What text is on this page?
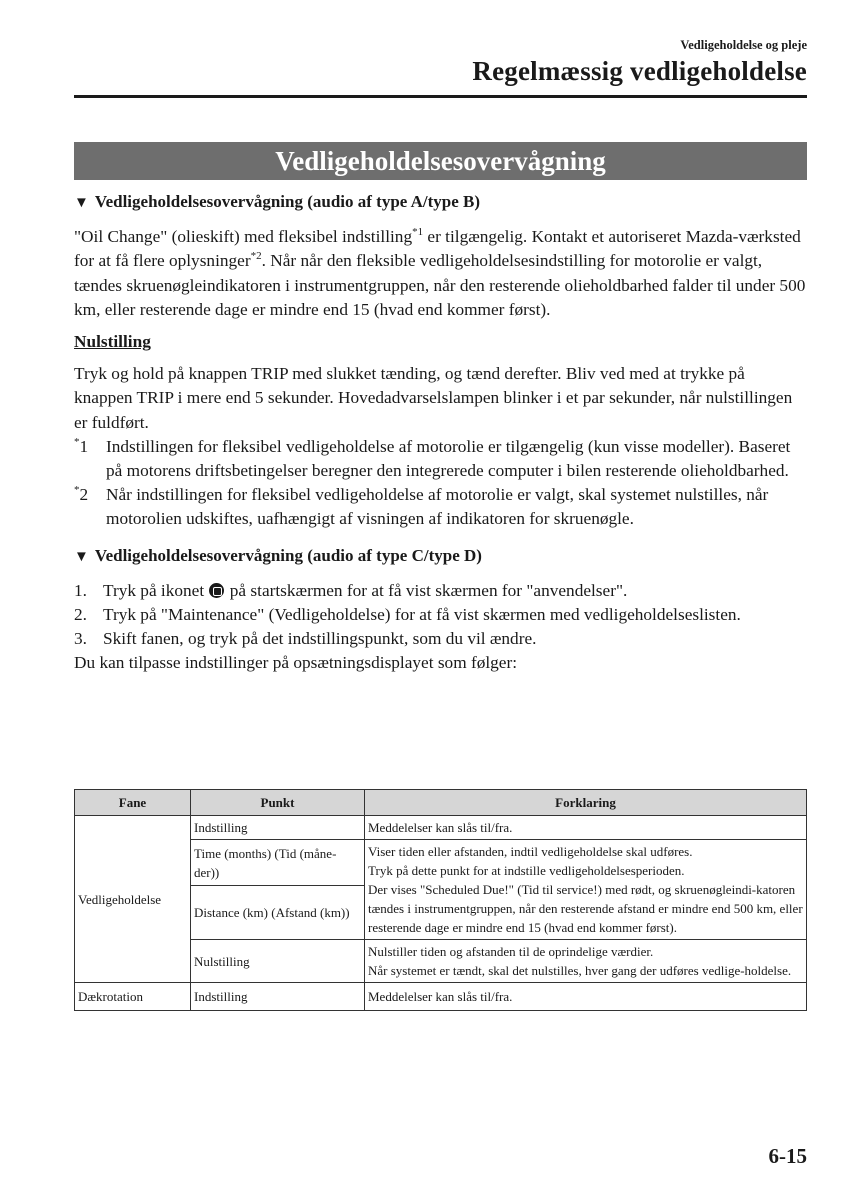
Vedligeholdelse og pleje
Regelmæssig vedligeholdelse
Vedligeholdelsesovervågning
▼ Vedligeholdelsesovervågning (audio af type A/type B)
"Oil Change" (olieskift) med fleksibel indstilling$^{*1}$ er tilgængelig. Kontakt et autoriseret Mazda-værksted for at få flere oplysninger$^{*2}$. Når når den fleksible vedligeholdelsesindstilling for motorolie er valgt, tændes skruenøgleindikatoren i instrumentgruppen, når den resterende olieholdbarhed falder til under 500 km, eller resterende dage er mindre end 15 (hvad end kommer først).
Nulstilling
Tryk og hold på knappen TRIP med slukket tænding, og tænd derefter. Bliv ved med at trykke på knappen TRIP i mere end 5 sekunder. Hovedadvarselslampen blinker i et par sekunder, når nulstillingen er fuldført.
*1	Indstillingen for fleksibel vedligeholdelse af motorolie er tilgængelig (kun visse modeller). Baseret på motorens driftsbetingelser beregner den integrerede computer i bilen resterende olieholdbarhed.
*2	Når indstillingen for fleksibel vedligeholdelse af motorolie er valgt, skal systemet nulstilles, når motorolien udskiftes, uafhængigt af visningen af indikatoren for skruenøgle.
▼ Vedligeholdelsesovervågning (audio af type C/type D)
1. Tryk på ikonet  på startskærmen for at få vist skærmen for "anvendelser".
2. Tryk på "Maintenance" (Vedligeholdelse) for at få vist skærmen med vedligeholdelseslisten.
3. Skift fanen, og tryk på det indstillingspunkt, som du vil ændre.
Du kan tilpasse indstillinger på opsætningsdisplayet som følger:
Fane	Punkt	Forklaring
Vedligeholdelse	Indstilling	Meddelelser kan slås til/fra.
	Time (months) (Tid (måne-der))	Viser tiden eller afstanden, indtil vedligeholdelse skal udføres.
Tryk på dette punkt for at indstille vedligeholdelsesperioden.
Der vises "Scheduled Due!" (Tid til service!) med rødt, og skruenøgleindi-katoren tændes i instrumentgruppen, når den resterende afstand er mindre end 500 km, eller resterende dage er mindre end 15 (hvad end kommer først).

	Distance (km) (Afstand (km))	
	Nulstilling	Nulstiller tiden og afstanden til de oprindelige værdier.
Når systemet er tændt, skal det nulstilles, hver gang der udføres vedlige-holdelse.

Dækrotation	Indstilling	Meddelelser kan slås til/fra.
6-15
